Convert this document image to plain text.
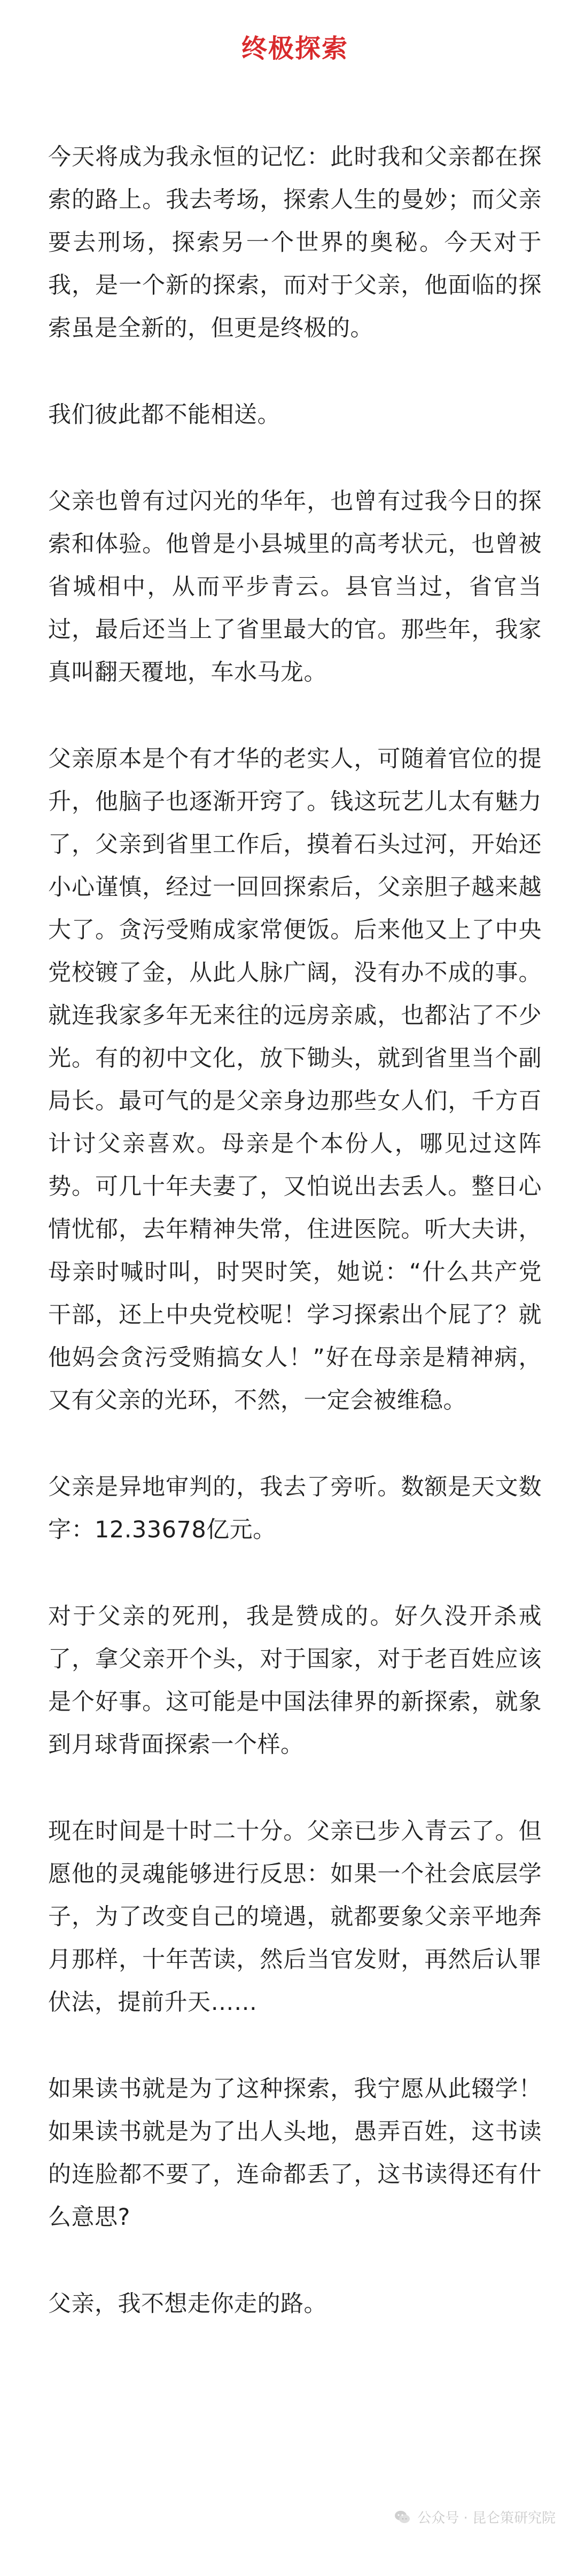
终极探索

今天将成为我永恒的记忆：此时我和父亲都在探索的路上。我去考场，探索人生的曼妙；而父亲要去刑场，探索另一个世界的奥秘。今天对于我，是一个新的探索，而对于父亲，他面临的探索虽是全新的，但更是终极的。

我们彼此都不能相送。

父亲也曾有过闪光的华年，也曾有过我今日的探索和体验。他曾是小县城里的高考状元，也曾被省城相中，从而平步青云。县官当过，省官当过，最后还当上了省里最大的官。那些年，我家真叫翻天覆地，车水马龙。

父亲原本是个有才华的老实人，可随着官位的提升，他脑子也逐渐开窍了。钱这玩艺儿太有魅力了，父亲到省里工作后，摸着石头过河，开始还小心谨慎，经过一回回探索后，父亲胆子越来越大了。贪污受贿成家常便饭。后来他又上了中央党校镀了金，从此人脉广阔，没有办不成的事。就连我家多年无来往的远房亲戚，也都沾了不少光。有的初中文化，放下锄头，就到省里当个副局长。最可气的是父亲身边那些女人们，千方百计讨父亲喜欢。母亲是个本份人，哪见过这阵势。可几十年夫妻了，又怕说出去丢人。整日心情忧郁，去年精神失常，住进医院。听大夫讲，母亲时喊时叫，时哭时笑，她说：“什么共产党干部，还上中央党校呢！学习探索出个屁了？就他妈会贪污受贿搞女人！”好在母亲是精神病，又有父亲的光环，不然，一定会被维稳。

父亲是异地审判的，我去了旁听。数额是天文数字：12.33678亿元。

对于父亲的死刑，我是赞成的。好久没开杀戒了，拿父亲开个头，对于国家，对于老百姓应该是个好事。这可能是中国法律界的新探索，就象到月球背面探索一个样。

现在时间是十时二十分。父亲已步入青云了。但愿他的灵魂能够进行反思：如果一个社会底层学子，为了改变自己的境遇，就都要象父亲平地奔月那样，十年苦读，然后当官发财，再然后认罪伏法，提前升天……

如果读书就是为了这种探索，我宁愿从此辍学！如果读书就是为了出人头地，愚弄百姓，这书读的连脸都不要了，连命都丢了，这书读得还有什么意思?

父亲，我不想走你走的路。

公众号 · 昆仑策研究院
